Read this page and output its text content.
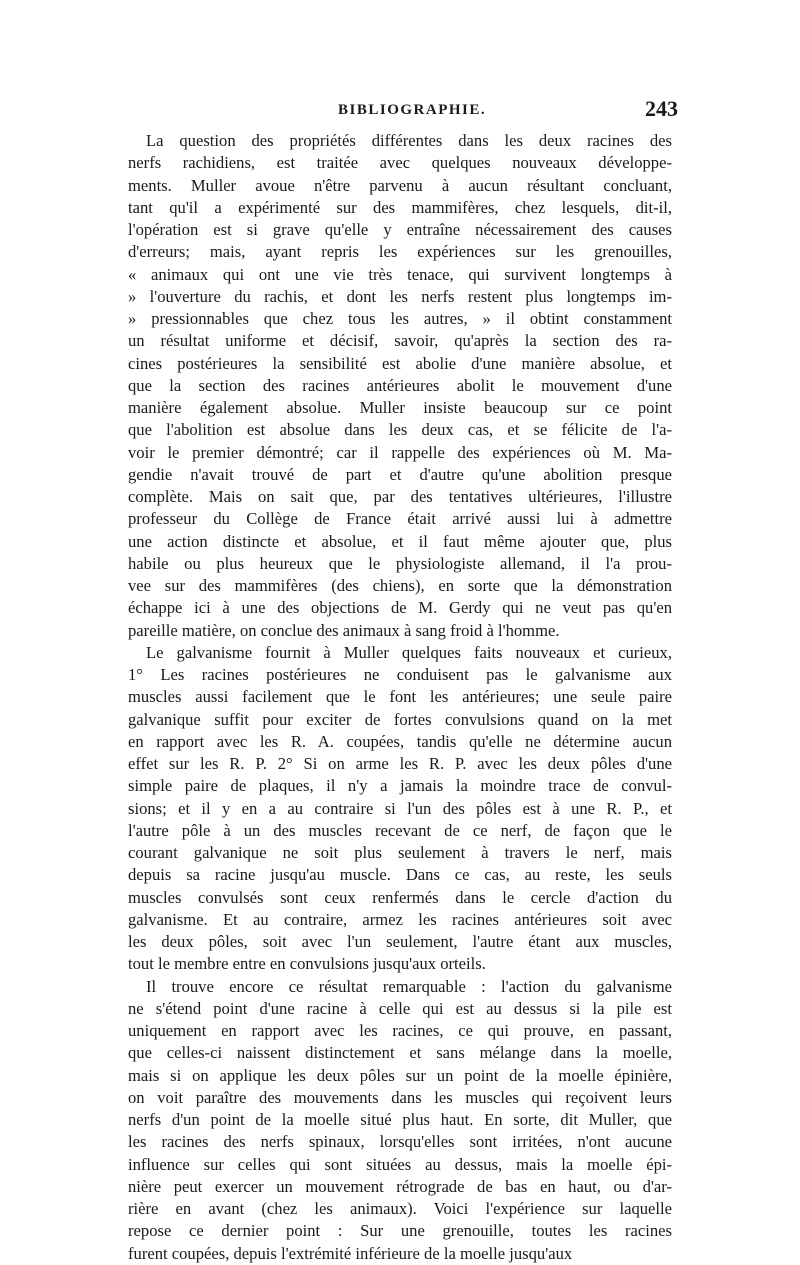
BIBLIOGRAPHIE.	243
La question des propriétés différentes dans les deux racines des
nerfs rachidiens, est traitée avec quelques nouveaux développe-
ments. Muller avoue n'être parvenu à aucun résultant concluant,
tant qu'il a expérimenté sur des mammifères, chez lesquels, dit-il,
l'opération est si grave qu'elle y entraîne nécessairement des causes
d'erreurs; mais, ayant repris les expériences sur les grenouilles,
« animaux qui ont une vie très tenace, qui survivent longtemps à
» l'ouverture du rachis, et dont les nerfs restent plus longtemps im-
» pressionnables que chez tous les autres, » il obtint constamment
un résultat uniforme et décisif, savoir, qu'après la section des ra-
cines postérieures la sensibilité est abolie d'une manière absolue, et
que la section des racines antérieures abolit le mouvement d'une
manière également absolue. Muller insiste beaucoup sur ce point
que l'abolition est absolue dans les deux cas, et se félicite de l'a-
voir le premier démontré; car il rappelle des expériences où M. Ma-
gendie n'avait trouvé de part et d'autre qu'une abolition presque
complète. Mais on sait que, par des tentatives ultérieures, l'illustre
professeur du Collège de France était arrivé aussi lui à admettre
une action distincte et absolue, et il faut même ajouter que, plus
habile ou plus heureux que le physiologiste allemand, il l'a prou-
vee sur des mammifères (des chiens), en sorte que la démonstration
échappe ici à une des objections de M. Gerdy qui ne veut pas qu'en
pareille matière, on conclue des animaux à sang froid à l'homme.
Le galvanisme fournit à Muller quelques faits nouveaux et curieux,
1° Les racines postérieures ne conduisent pas le galvanisme aux
muscles aussi facilement que le font les antérieures; une seule paire
galvanique suffit pour exciter de fortes convulsions quand on la met
en rapport avec les R. A. coupées, tandis qu'elle ne détermine aucun
effet sur les R. P. 2° Si on arme les R. P. avec les deux pôles d'une
simple paire de plaques, il n'y a jamais la moindre trace de convul-
sions; et il y en a au contraire si l'un des pôles est à une R. P., et
l'autre pôle à un des muscles recevant de ce nerf, de façon que le
courant galvanique ne soit plus seulement à travers le nerf, mais
depuis sa racine jusqu'au muscle. Dans ce cas, au reste, les seuls
muscles convulsés sont ceux renfermés dans le cercle d'action du
galvanisme. Et au contraire, armez les racines antérieures soit avec
les deux pôles, soit avec l'un seulement, l'autre étant aux muscles,
tout le membre entre en convulsions jusqu'aux orteils.
Il trouve encore ce résultat remarquable : l'action du galvanisme
ne s'étend point d'une racine à celle qui est au dessus si la pile est
uniquement en rapport avec les racines, ce qui prouve, en passant,
que celles-ci naissent distinctement et sans mélange dans la moelle,
mais si on applique les deux pôles sur un point de la moelle épinière,
on voit paraître des mouvements dans les muscles qui reçoivent leurs
nerfs d'un point de la moelle situé plus haut. En sorte, dit Muller, que
les racines des nerfs spinaux, lorsqu'elles sont irritées, n'ont aucune
influence sur celles qui sont situées au dessus, mais la moelle épi-
nière peut exercer un mouvement rétrograde de bas en haut, ou d'ar-
rière en avant (chez les animaux). Voici l'expérience sur laquelle
repose ce dernier point : Sur une grenouille, toutes les racines
furent coupées, depuis l'extrémité inférieure de la moelle jusqu'aux
